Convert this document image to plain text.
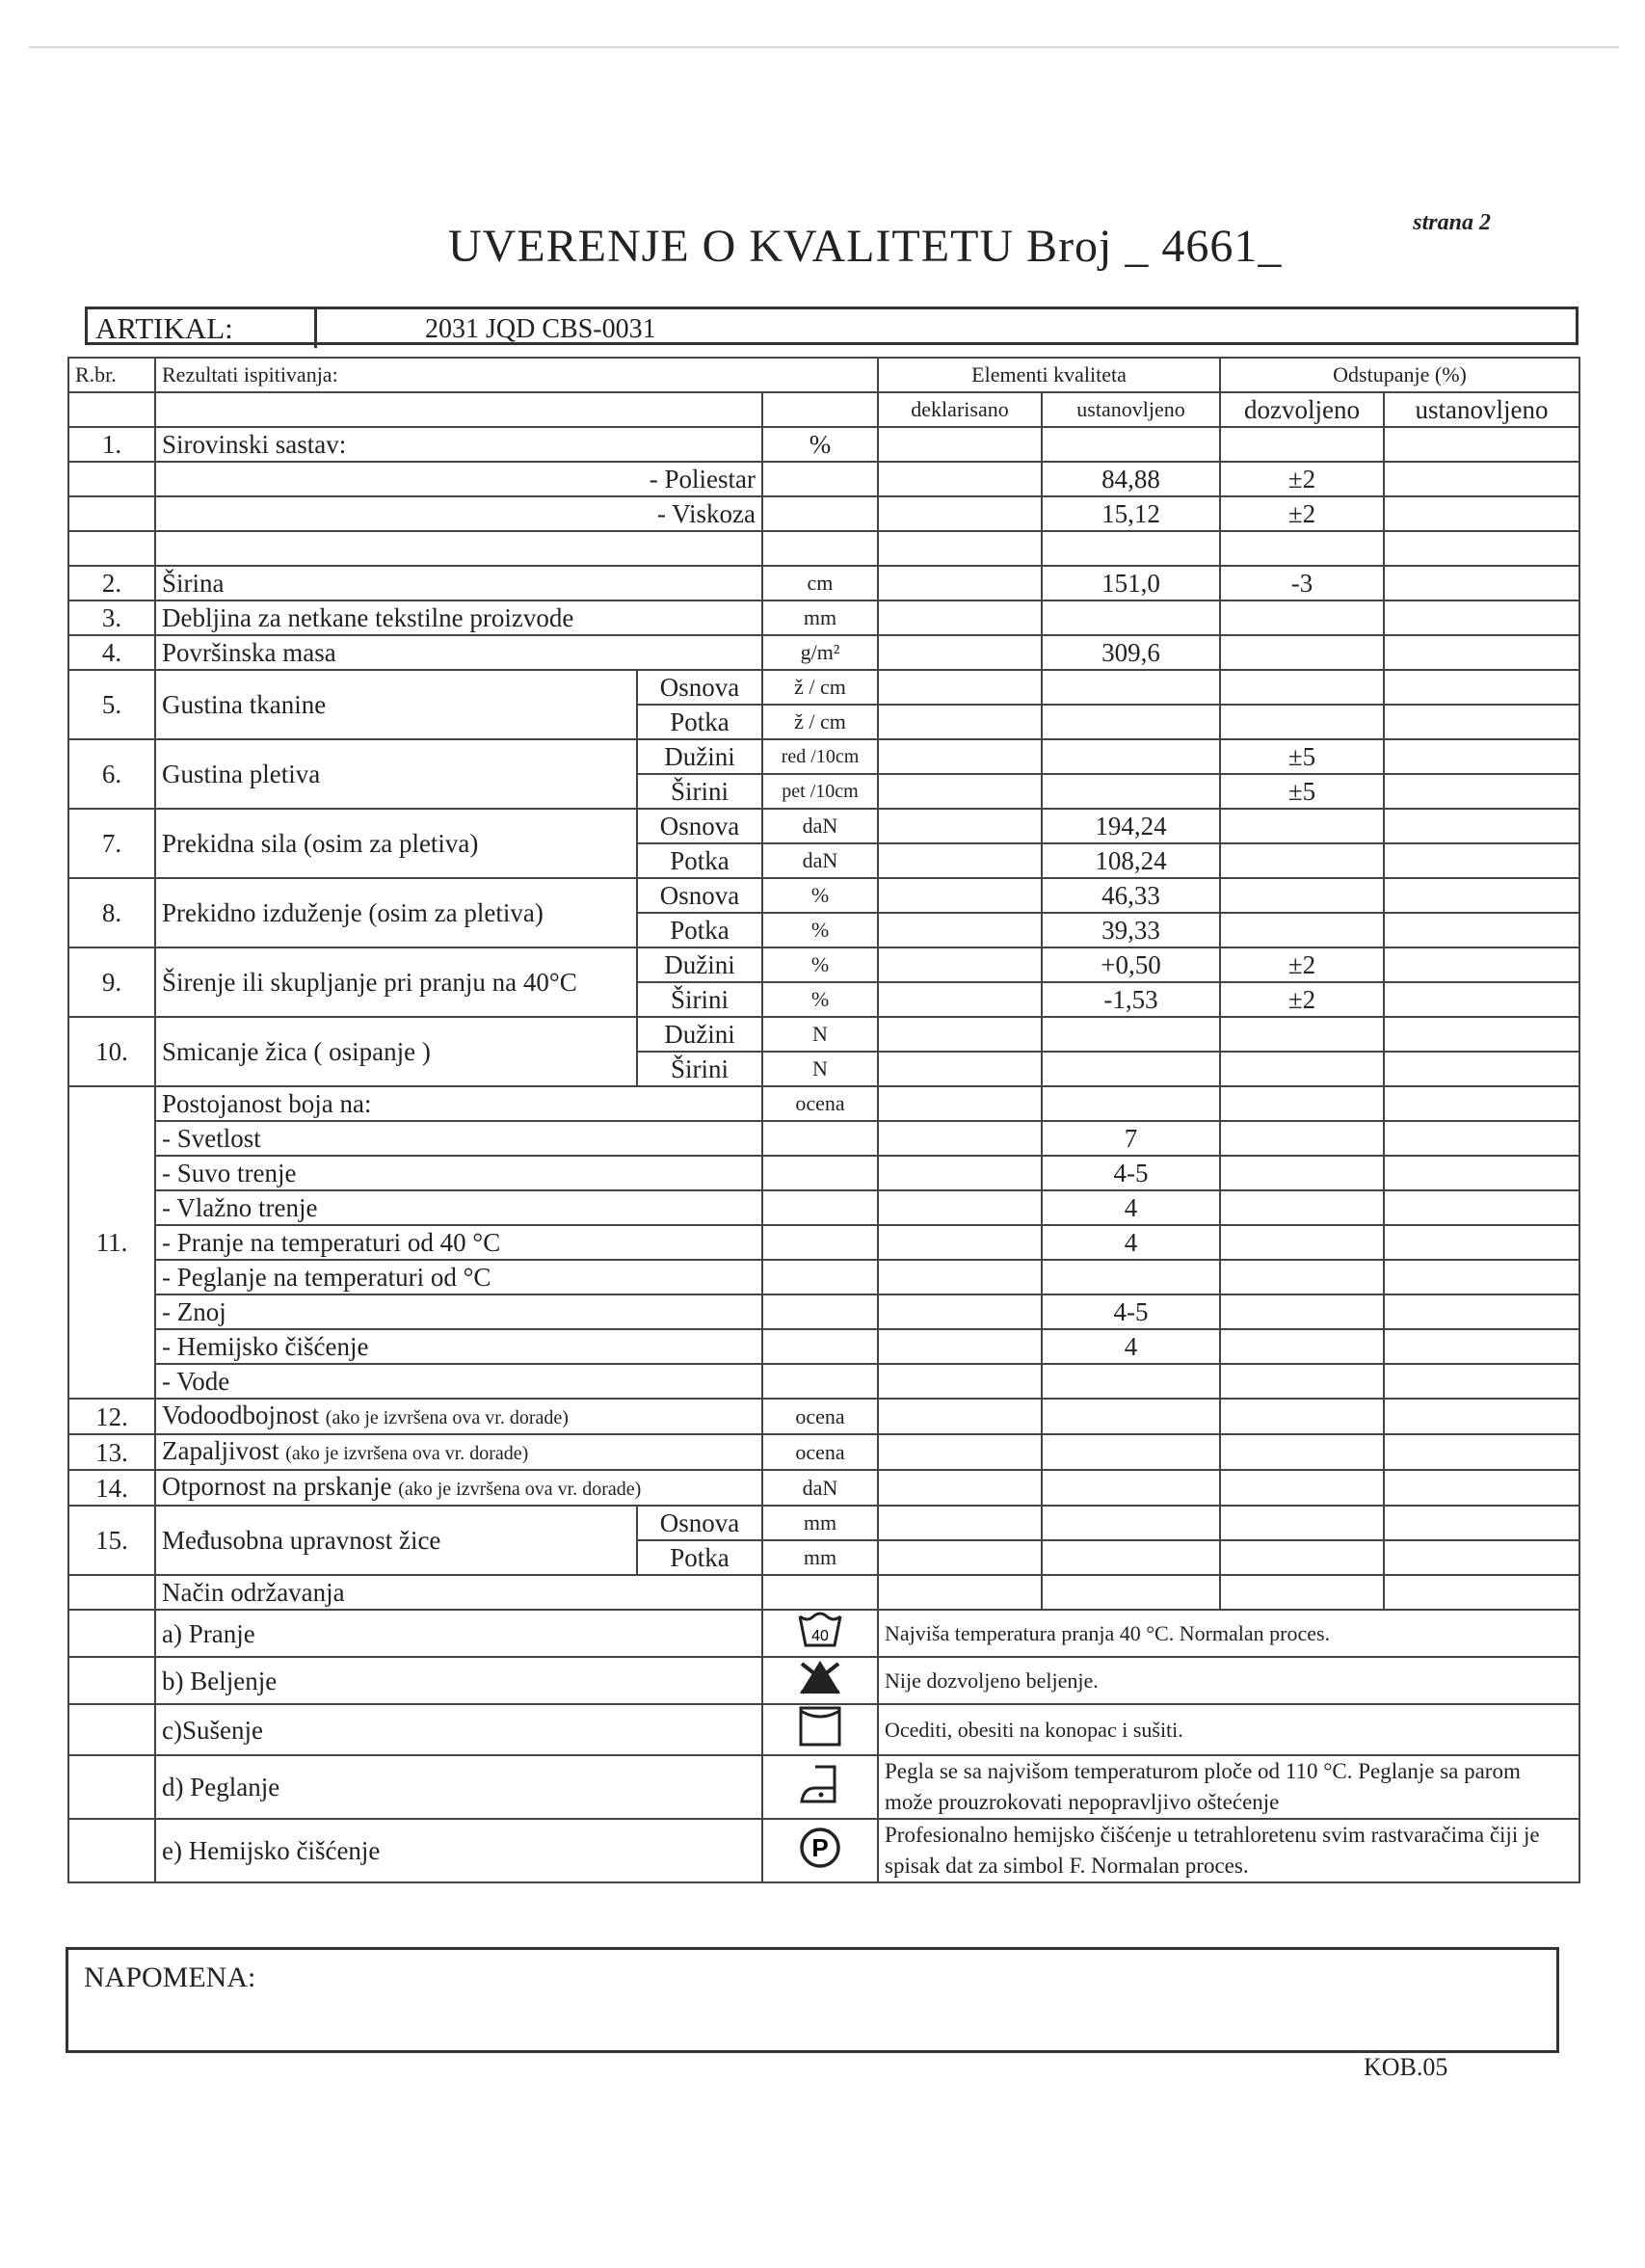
strana 2
UVERENJE O KVALITETU Broj _ 4661_
ARTIKAL:	2031 JQD CBS-0031
R.br.	Rezultati ispitivanja:			Elementi kvaliteta		Odstupanje (%)	
				deklarisano	ustanovljeno	dozvoljeno	ustanovljeno
1.	Sirovinski sastav:		%				
	- Poliestar				84,88	±2	
	- Viskoza				15,12	±2	

2.	Širina		cm		151,0	-3	
3.	Debljina za netkane tekstilne proizvode		mm				
4.	Površinska masa		g/m²		309,6		
5.	Gustina tkanine	Osnova	ž / cm				
		Potka	ž / cm				
6.	Gustina pletiva	Dužini	red /10cm			±5	
		Širini	pet /10cm			±5	
7.	Prekidna sila (osim za pletiva)	Osnova	daN		194,24		
		Potka	daN		108,24		
8.	Prekidno izduženje (osim za pletiva)	Osnova	%		46,33		
		Potka	%		39,33		
9.	Širenje ili skupljanje pri pranju na 40°C	Dužini	%		+0,50	±2	
		Širini	%		-1,53	±2	
10.	Smicanje žica ( osipanje )	Dužini	N				
		Širini	N				
11.	Postojanost boja na:		ocena				
	- Svetlost				7		
	- Suvo trenje				4-5		
	- Vlažno trenje				4		
	- Pranje na temperaturi od 40 °C				4		
	- Peglanje na temperaturi od °C						
	- Znoj				4-5		
	- Hemijsko čišćenje				4		
	- Vode						
12.	Vodoodbojnost (ako je izvršena ova vr. dorade)		ocena				
13.	Zapaljivost (ako je izvršena ova vr. dorade)		ocena				
14.	Otpornost na prskanje (ako je izvršena ova vr. dorade)		daN				
15.	Međusobna upravnost žice	Osnova	mm				
		Potka	mm				
	Način održavanja						
	a) Pranje		40	Najviša temperatura pranja 40 °C. Normalan proces.			
	b) Beljenje			Nije dozvoljeno beljenje.			
	c)Sušenje			Oceditі, obesiti na konopac i sušiti.			
	d) Peglanje			Pegla se sa najvišom temperaturom ploče od 110 °C. Peglanje sa parom može prouzrokovati nepopravljivo oštećenje			
	e) Hemijsko čišćenje		P	Profesionalno hemijsko čišćenje u tetrahloretenu svim rastvaračima čiji je spisak dat za simbol F. Normalan proces.			
NAPOMENA:
KOB.05
